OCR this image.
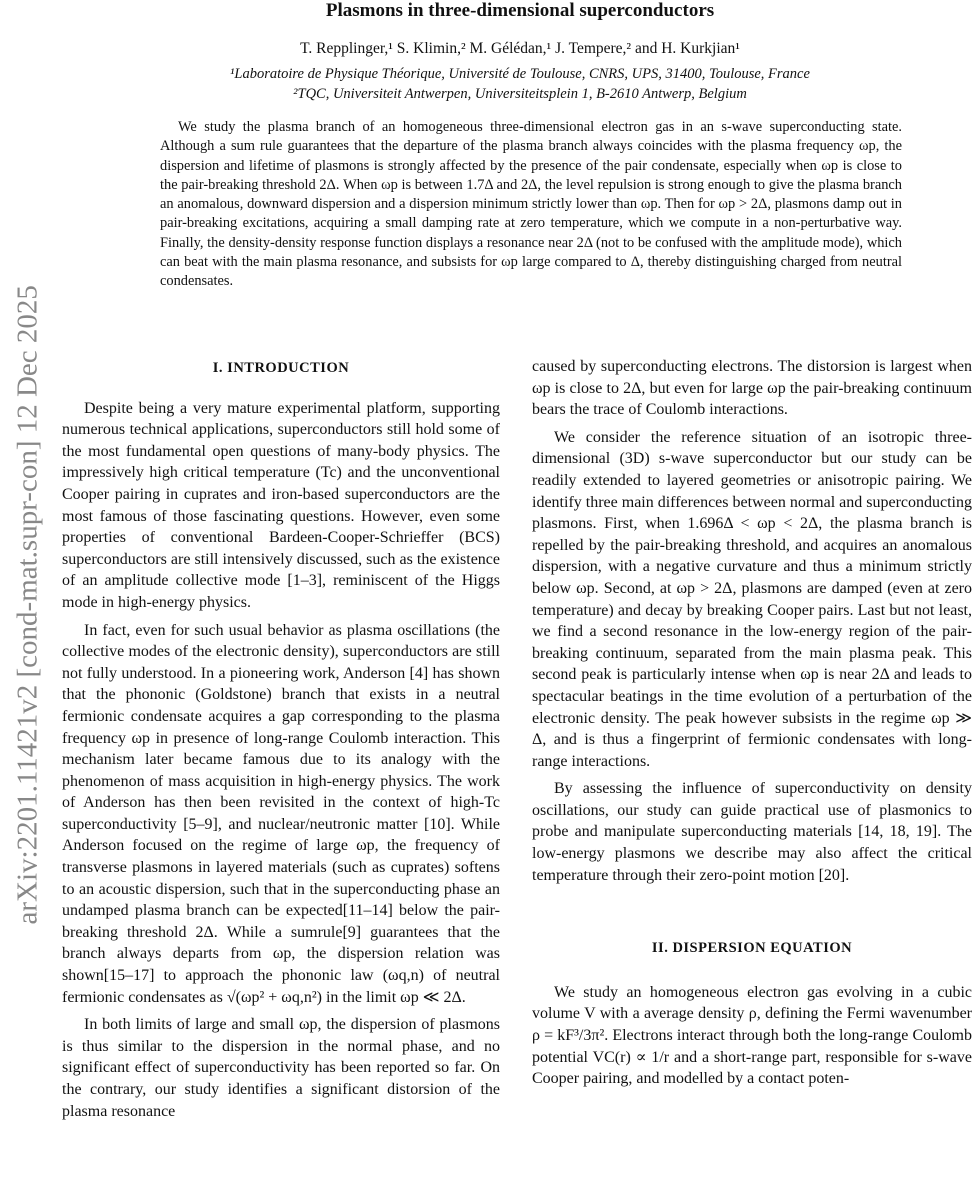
arXiv:2201.11421v2 [cond-mat.supr-con] 12 Dec 2025
Plasmons in three-dimensional superconductors
T. Repplinger,¹ S. Klimin,² M. Gélédan,¹ J. Tempere,² and H. Kurkjian¹
¹Laboratoire de Physique Théorique, Université de Toulouse, CNRS, UPS, 31400, Toulouse, France
²TQC, Universiteit Antwerpen, Universiteitsplein 1, B-2610 Antwerp, Belgium
We study the plasma branch of an homogeneous three-dimensional electron gas in an s-wave superconducting state. Although a sum rule guarantees that the departure of the plasma branch always coincides with the plasma frequency ωp, the dispersion and lifetime of plasmons is strongly affected by the presence of the pair condensate, especially when ωp is close to the pair-breaking threshold 2Δ. When ωp is between 1.7Δ and 2Δ, the level repulsion is strong enough to give the plasma branch an anomalous, downward dispersion and a dispersion minimum strictly lower than ωp. Then for ωp > 2Δ, plasmons damp out in pair-breaking excitations, acquiring a small damping rate at zero temperature, which we compute in a non-perturbative way. Finally, the density-density response function displays a resonance near 2Δ (not to be confused with the amplitude mode), which can beat with the main plasma resonance, and subsists for ωp large compared to Δ, thereby distinguishing charged from neutral condensates.
I. INTRODUCTION

Despite being a very mature experimental platform, supporting numerous technical applications, superconductors still hold some of the most fundamental open questions of many-body physics. The impressively high critical temperature (Tc) and the unconventional Cooper pairing in cuprates and iron-based superconductors are the most famous of those fascinating questions. However, even some properties of conventional Bardeen-Cooper-Schrieffer (BCS) superconductors are still intensively discussed, such as the existence of an amplitude collective mode [1–3], reminiscent of the Higgs mode in high-energy physics.

In fact, even for such usual behavior as plasma oscillations (the collective modes of the electronic density), superconductors are still not fully understood. In a pioneering work, Anderson [4] has shown that the phononic (Goldstone) branch that exists in a neutral fermionic condensate acquires a gap corresponding to the plasma frequency ωp in presence of long-range Coulomb interaction. This mechanism later became famous due to its analogy with the phenomenon of mass acquisition in high-energy physics. The work of Anderson has then been revisited in the context of high-Tc superconductivity [5–9], and nuclear/neutronic matter [10]. While Anderson focused on the regime of large ωp, the frequency of transverse plasmons in layered materials (such as cuprates) softens to an acoustic dispersion, such that in the superconducting phase an undamped plasma branch can be expected[11–14] below the pair-breaking threshold 2Δ. While a sumrule[9] guarantees that the branch always departs from ωp, the dispersion relation was shown[15–17] to approach the phononic law (ωq,n) of neutral fermionic condensates as √(ωp² + ωq,n²) in the limit ωp ≪ 2Δ.

In both limits of large and small ωp, the dispersion of plasmons is thus similar to the dispersion in the normal phase, and no significant effect of superconductivity has been reported so far. On the contrary, our study identifies a significant distorsion of the plasma resonance

caused by superconducting electrons. The distorsion is largest when ωp is close to 2Δ, but even for large ωp the pair-breaking continuum bears the trace of Coulomb interactions.

We consider the reference situation of an isotropic three-dimensional (3D) s-wave superconductor but our study can be readily extended to layered geometries or anisotropic pairing. We identify three main differences between normal and superconducting plasmons. First, when 1.696Δ < ωp < 2Δ, the plasma branch is repelled by the pair-breaking threshold, and acquires an anomalous dispersion, with a negative curvature and thus a minimum strictly below ωp. Second, at ωp > 2Δ, plasmons are damped (even at zero temperature) and decay by breaking Cooper pairs. Last but not least, we find a second resonance in the low-energy region of the pair-breaking continuum, separated from the main plasma peak. This second peak is particularly intense when ωp is near 2Δ and leads to spectacular beatings in the time evolution of a perturbation of the electronic density. The peak however subsists in the regime ωp ≫ Δ, and is thus a fingerprint of fermionic condensates with long-range interactions.

By assessing the influence of superconductivity on density oscillations, our study can guide practical use of plasmonics to probe and manipulate superconducting materials [14, 18, 19]. The low-energy plasmons we describe may also affect the critical temperature through their zero-point motion [20].

II. DISPERSION EQUATION

We study an homogeneous electron gas evolving in a cubic volume V with a average density ρ, defining the Fermi wavenumber ρ = kF³/3π². Electrons interact through both the long-range Coulomb potential VC(r) ∝ 1/r and a short-range part, responsible for s-wave Cooper pairing, and modelled by a contact poten-
